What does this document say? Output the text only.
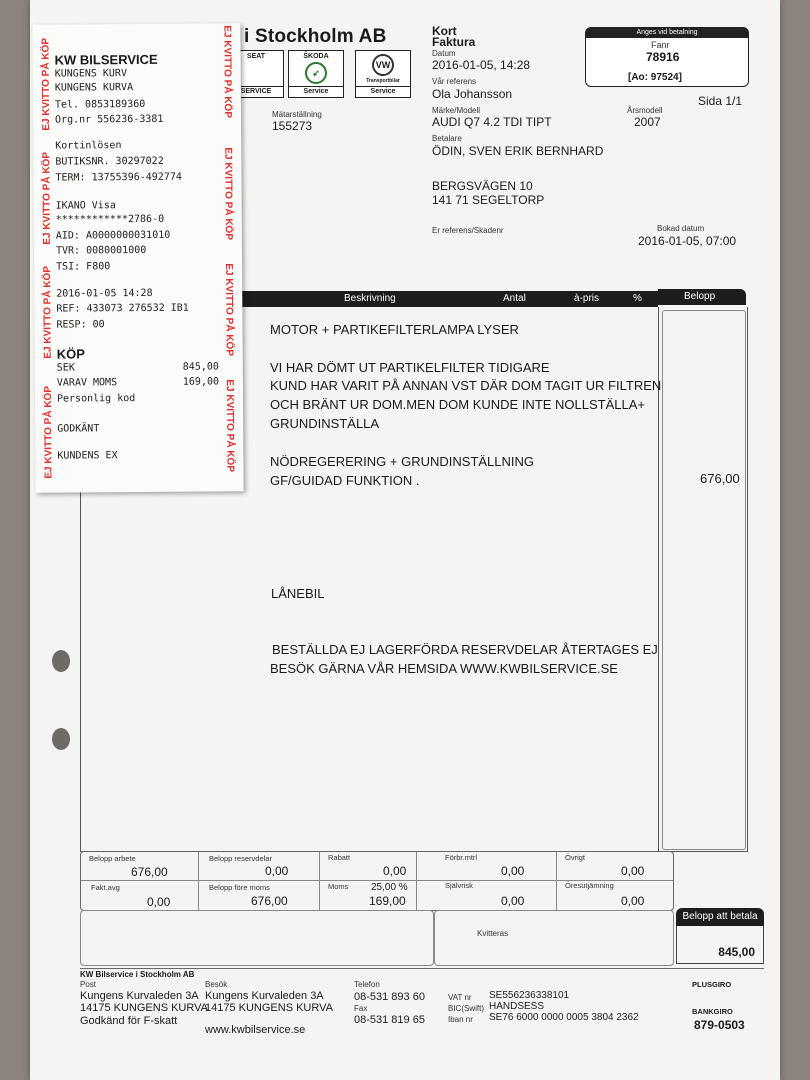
i Stockholm AB
SEAT
SERVICE
ŠKODA
➶
Service
VW
Transportbilar
Service
Kort
Faktura
Datum
2016-01-05, 14:28
Vår referens
Ola Johansson
Märke/Modell
AUDI Q7 4.2 TDI TIPT
Årsmodell
2007
Mätarställning
155273
Betalare
ÖDIN, SVEN ERIK BERNHARD
BERGSVÄGEN 10
141 71 SEGELTORP
Er referens/Skadenr	Bokad datum
2016-01-05, 07:00
Anges vid betalning
Fanr
78916
[Ao: 97524]
Sida 1/1
Beskrivning	Antal	à-pris	%	Belopp
MOTOR + PARTIKEFILTERLAMPA LYSER
VI HAR DÖMT UT PARTIKELFILTER TIDIGARE
KUND HAR VARIT PÅ ANNAN VST DÄR DOM TAGIT UR FILTREN
OCH BRÄNT UR DOM.MEN DOM KUNDE INTE NOLLSTÄLLA+
GRUNDINSTÄLLA
NÖDREGERERING + GRUNDINSTÄLLNING
GF/GUIDAD FUNKTION .	676,00
LÅNEBIL
BESTÄLLDA EJ LAGERFÖRDA RESERVDELAR ÅTERTAGES EJ
BESÖK GÄRNA VÅR HEMSIDA WWW.KWBILSERVICE.SE
Belopp arbete
676,00
Belopp reservdelar
0,00
Rabatt
0,00
Förbr.mtrl
0,00
Övrigt
0,00
Fakt.avg
0,00
Belopp före moms
676,00
Moms 25,00 %
169,00
Självrisk
0,00
Öresutjämning
0,00
Kvitteras
Belopp att betala
845,00
KW Bilservice i Stockholm AB
Post
Kungens Kurvaleden 3A
14175 KUNGENS KURVA
Godkänd för F-skatt
Besök
Kungens Kurvaleden 3A
14175 KUNGENS KURVA
www.kwbilservice.se
Telefon
08-531 893 60
Fax
08-531 819 65
VAT nr SE556236338101
BIC(Swift) HANDSESS
Iban nr SE76 6000 0000 0005 3804 2362
PLUSGIRO
BANKGIRO
879-0503
EJ KVITTO PÅ KÖP
EJ KVITTO PÅ KÖP
EJ KVITTO PÅ KÖP
EJ KVITTO PÅ KÖP
EJ KVITTO PÅ KÖP
EJ KVITTO PÅ KÖP
EJ KVITTO PÅ KÖP
EJ KVITTO PÅ KÖP
KW BILSERVICE
KUNGENS KURV
KUNGENS KURVA
Tel. 0853189360
Org.nr 556236-3381
Kortinlösen
BUTIKSNR. 30297022
TERM: 13755396-492774
IKANO Visa
************2786-0
AID: A0000000031010
TVR: 0080001000
TSI: F800
2016-01-05 14:28
REF: 433073 276532 IB1
RESP: 00
KÖP
SEK	845,00
VARAV MOMS	169,00
Personlig kod
GODKÄNT
KUNDENS EX
